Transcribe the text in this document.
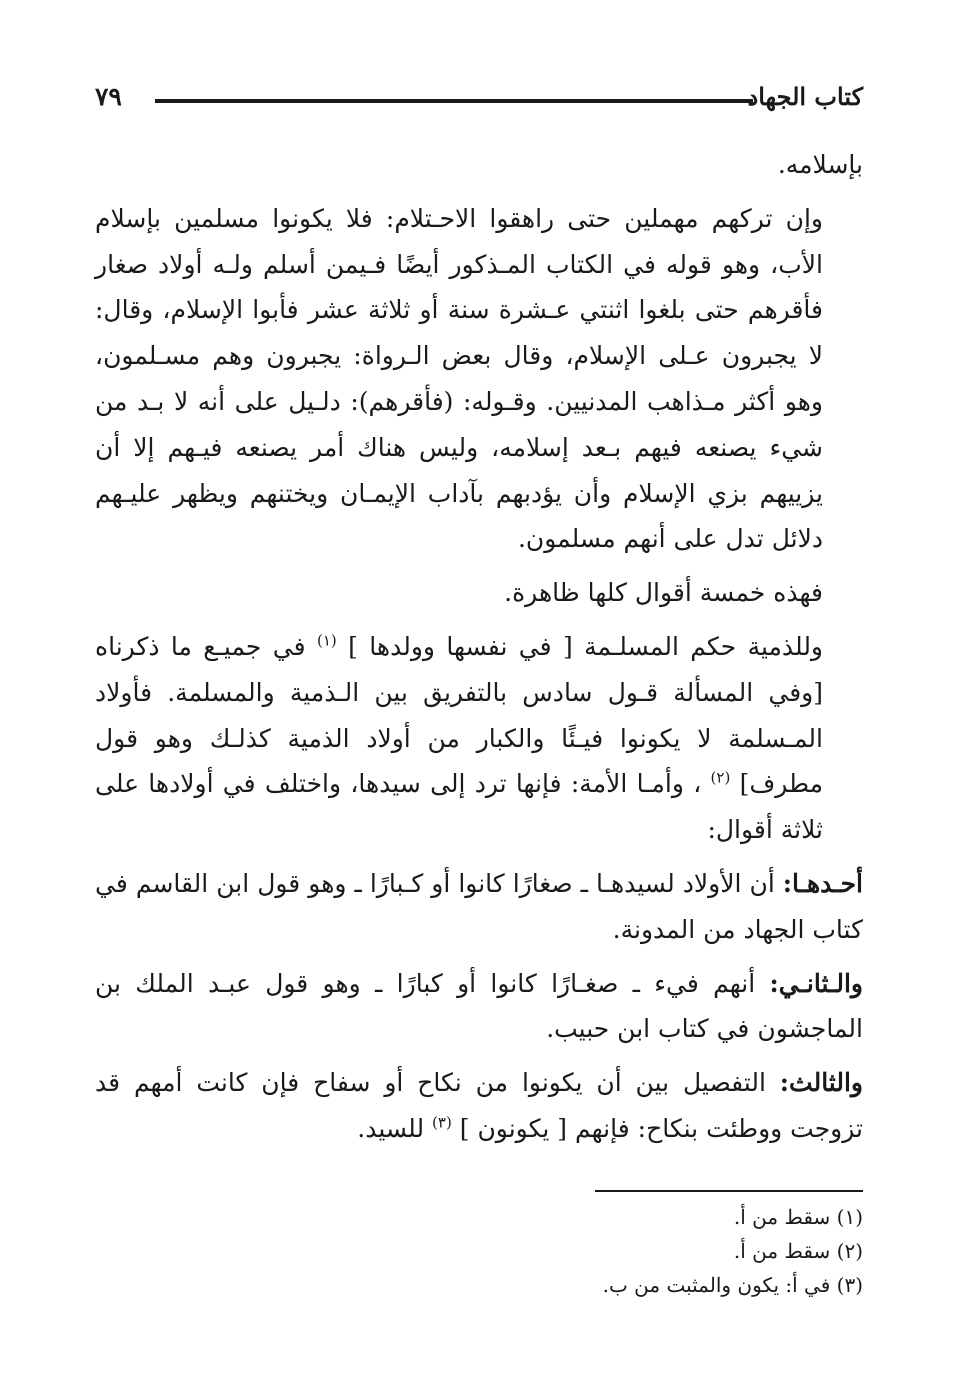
كتاب الجهاد
٧٩

بإسلامه.

وإن تركهم مهملين حتى راهقوا الاحـتلام: فلا يكونوا مسلمين بإسلام الأب، وهو قوله في الكتاب المـذكور أيضًا فـيمن أسلم ولـه أولاد صغار فأقرهم حتى بلغوا اثنتي عـشرة سنة أو ثلاثة عشر فأبوا الإسلام، وقال: لا يجبرون عـلى الإسلام، وقال بعض الـرواة: يجبرون وهم مسـلمون، وهو أكثر مـذاهب المدنيين. وقـوله: (فأقرهم): دلـيل على أنه لا بـد من شيء يصنعه فيهم بـعد إسلامه، وليس هناك أمر يصنعه فيـهم إلا أن يزييهم بزي الإسلام وأن يؤدبهم بآداب الإيمـان ويختنهم ويظهر عليـهم دلائل تدل على أنهم مسلمون.

فهذه خمسة أقوال كلها ظاهرة.

وللذمية حكم المسلـمة [ في نفسها وولدها ] $^{(١)}$ في جميـع ما ذكرناه [وفي المسألة قـول سادس بالتفريق بين الـذمية والمسلمة. فأولاد المـسلمة لا يكونوا فيـئًا والكبار من أولاد الذمية كذلـك وهو قول مطرف] $^{(٢)}$ ، وأمـا الأمة: فإنها ترد إلى سيدها، واختلف في أولادها على ثلاثة أقوال:

أحـدهـا: أن الأولاد لسيدهـا ـ صغارًا كانوا أو كـبارًا ـ وهو قول ابن القاسم في كتاب الجهاد من المدونة.

والـثانـي: أنهم فيء ـ صغـارًا كانوا أو كبارًا ـ وهو قول عبـد الملك بن الماجشون في كتاب ابن حبيب.

والثالث: التفصيل بين أن يكونوا من نكاح أو سفاح فإن كانت أمهم قد تزوجت ووطئت بنكاح: فإنهم [ يكونون ] $^{(٣)}$ للسيد.

(١) سقط من أ.
(٢) سقط من أ.
(٣) في أ: يكون والمثبت من ب.
